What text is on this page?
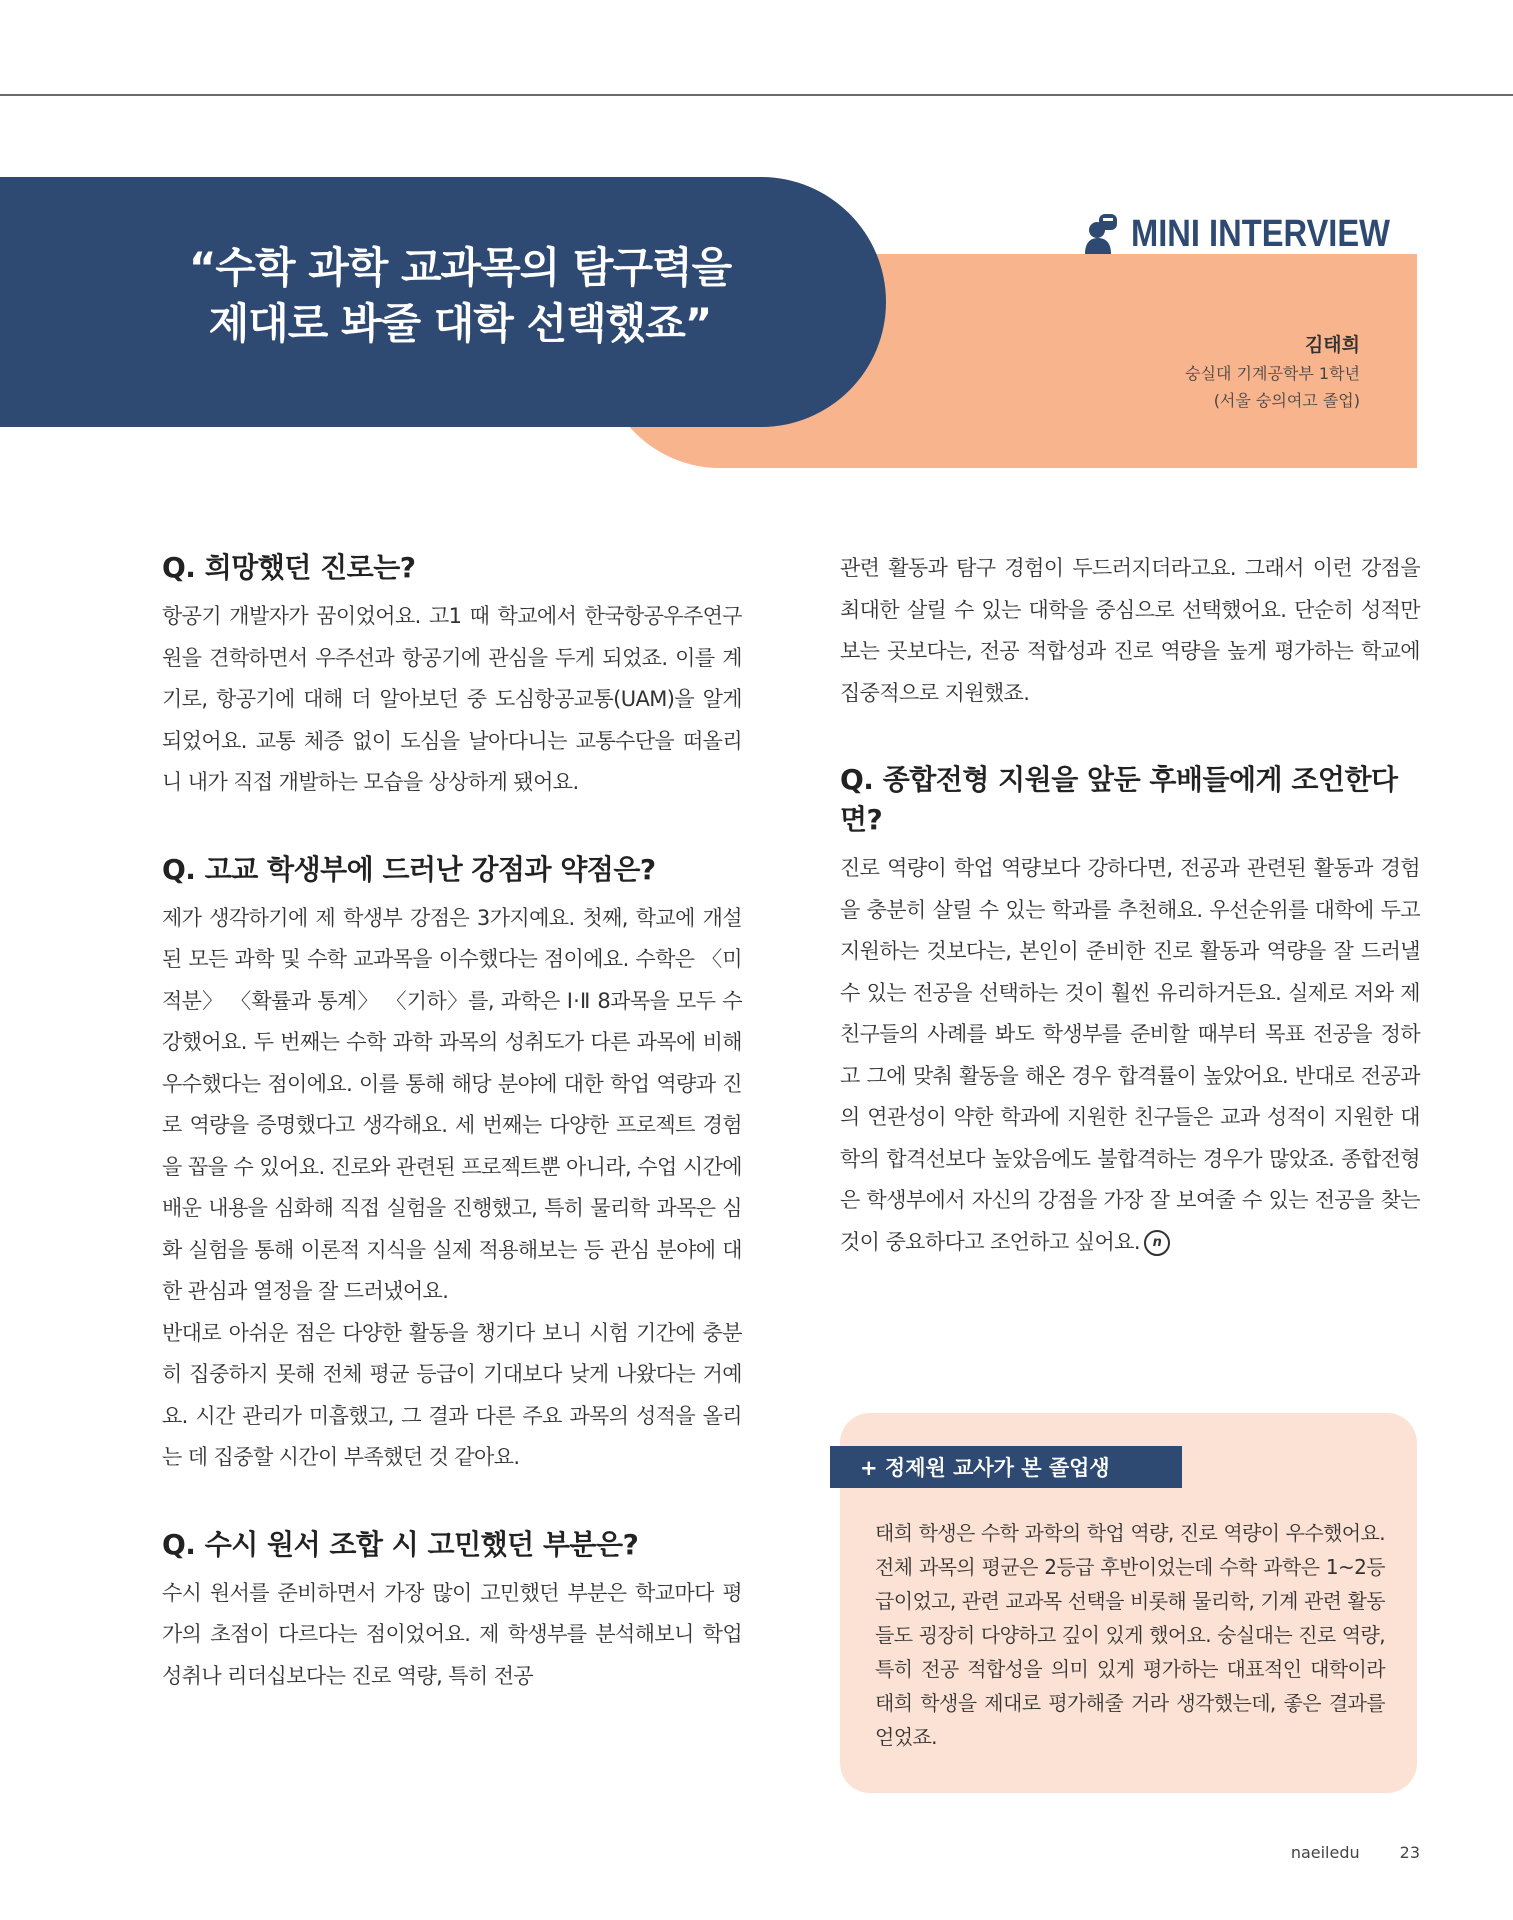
“수학 과학 교과목의 탐구력을
제대로 봐줄 대학 선택했죠”
MINI INTERVIEW
김태희
숭실대 기계공학부 1학년
(서울 숭의여고 졸업)
Q. 희망했던 진로는?

항공기 개발자가 꿈이었어요. 고1 때 학교에서 한국항공우주연구원을 견학하면서 우주선과 항공기에 관심을 두게 되었죠. 이를 계기로, 항공기에 대해 더 알아보던 중 도심항공교통(UAM)을 알게 되었어요. 교통 체증 없이 도심을 날아다니는 교통수단을 떠올리니 내가 직접 개발하는 모습을 상상하게 됐어요.

Q. 고교 학생부에 드러난 강점과 약점은?

제가 생각하기에 제 학생부 강점은 3가지예요. 첫째, 학교에 개설된 모든 과학 및 수학 교과목을 이수했다는 점이에요. 수학은 〈미적분〉 〈확률과 통계〉 〈기하〉를, 과학은 Ⅰ·Ⅱ 8과목을 모두 수강했어요. 두 번째는 수학 과학 과목의 성취도가 다른 과목에 비해 우수했다는 점이에요. 이를 통해 해당 분야에 대한 학업 역량과 진로 역량을 증명했다고 생각해요. 세 번째는 다양한 프로젝트 경험을 꼽을 수 있어요. 진로와 관련된 프로젝트뿐 아니라, 수업 시간에 배운 내용을 심화해 직접 실험을 진행했고, 특히 물리학 과목은 심화 실험을 통해 이론적 지식을 실제 적용해보는 등 관심 분야에 대한 관심과 열정을 잘 드러냈어요.

반대로 아쉬운 점은 다양한 활동을 챙기다 보니 시험 기간에 충분히 집중하지 못해 전체 평균 등급이 기대보다 낮게 나왔다는 거예요. 시간 관리가 미흡했고, 그 결과 다른 주요 과목의 성적을 올리는 데 집중할 시간이 부족했던 것 같아요.

Q. 수시 원서 조합 시 고민했던 부분은?

수시 원서를 준비하면서 가장 많이 고민했던 부분은 학교마다 평가의 초점이 다르다는 점이었어요. 제 학생부를 분석해보니 학업 성취나 리더십보다는 진로 역량, 특히 전공

관련 활동과 탐구 경험이 두드러지더라고요. 그래서 이런 강점을 최대한 살릴 수 있는 대학을 중심으로 선택했어요. 단순히 성적만 보는 곳보다는, 전공 적합성과 진로 역량을 높게 평가하는 학교에 집중적으로 지원했죠.

Q. 종합전형 지원을 앞둔 후배들에게 조언한다면?

진로 역량이 학업 역량보다 강하다면, 전공과 관련된 활동과 경험을 충분히 살릴 수 있는 학과를 추천해요. 우선순위를 대학에 두고 지원하는 것보다는, 본인이 준비한 진로 활동과 역량을 잘 드러낼 수 있는 전공을 선택하는 것이 훨씬 유리하거든요. 실제로 저와 제 친구들의 사례를 봐도 학생부를 준비할 때부터 목표 전공을 정하고 그에 맞춰 활동을 해온 경우 합격률이 높았어요. 반대로 전공과의 연관성이 약한 학과에 지원한 친구들은 교과 성적이 지원한 대학의 합격선보다 높았음에도 불합격하는 경우가 많았죠. 종합전형은 학생부에서 자신의 강점을 가장 잘 보여줄 수 있는 전공을 찾는 것이 중요하다고 조언하고 싶어요. n

+ 정제원 교사가 본 졸업생

태희 학생은 수학 과학의 학업 역량, 진로 역량이 우수했어요. 전체 과목의 평균은 2등급 후반이었는데 수학 과학은 1~2등급이었고, 관련 교과목 선택을 비롯해 물리학, 기계 관련 활동들도 굉장히 다양하고 깊이 있게 했어요. 숭실대는 진로 역량, 특히 전공 적합성을 의미 있게 평가하는 대표적인 대학이라 태희 학생을 제대로 평가해줄 거라 생각했는데, 좋은 결과를 얻었죠.

naeiledu	23
